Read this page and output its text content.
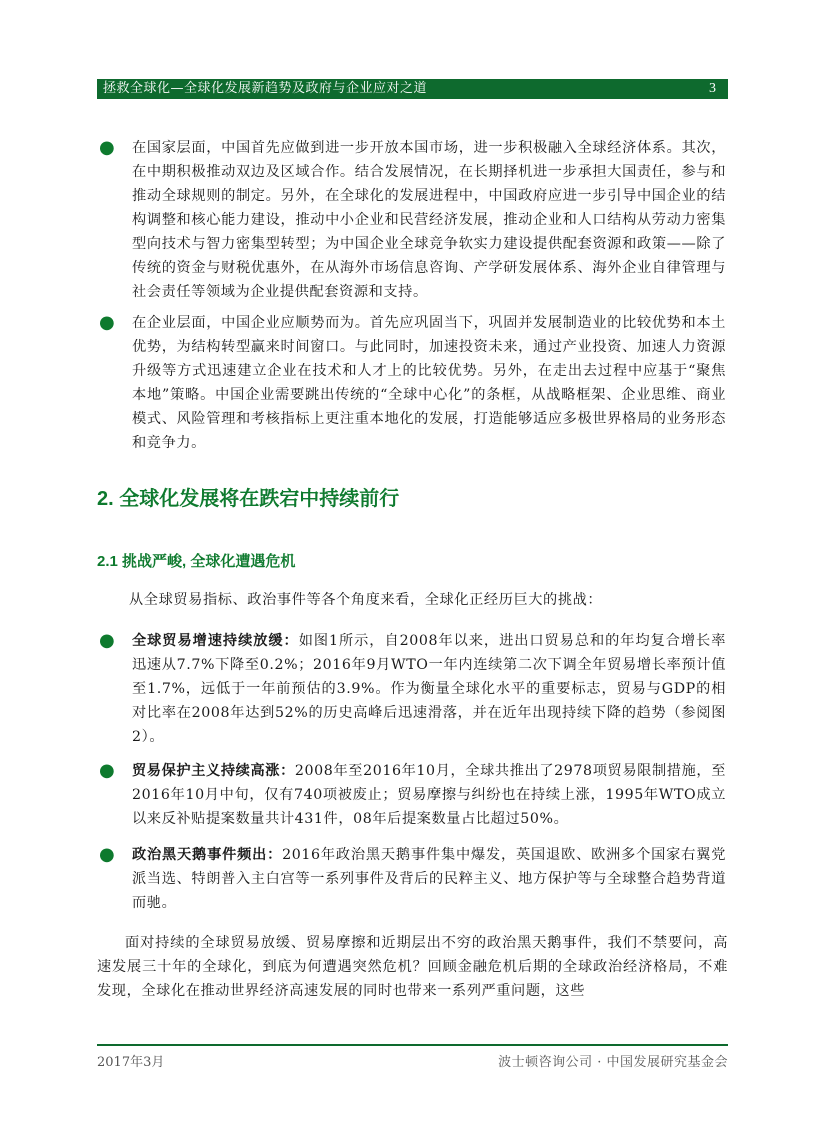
拯救全球化—全球化发展新趋势及政府与企业应对之道	3
● 在国家层面，中国首先应做到进一步开放本国市场，进一步积极融入全球经济体系。其次，在中期积极推动双边及区域合作。结合发展情况，在长期择机进一步承担大国责任，参与和推动全球规则的制定。另外，在全球化的发展进程中，中国政府应进一步引导中国企业的结构调整和核心能力建设，推动中小企业和民营经济发展，推动企业和人口结构从劳动力密集型向技术与智力密集型转型；为中国企业全球竞争软实力建设提供配套资源和政策——除了传统的资金与财税优惠外，在从海外市场信息咨询、产学研发展体系、海外企业自律管理与社会责任等领域为企业提供配套资源和支持。
● 在企业层面，中国企业应顺势而为。首先应巩固当下，巩固并发展制造业的比较优势和本土优势，为结构转型赢来时间窗口。与此同时，加速投资未来，通过产业投资、加速人力资源升级等方式迅速建立企业在技术和人才上的比较优势。另外，在走出去过程中应基于“聚焦本地”策略。中国企业需要跳出传统的“全球中心化”的条框，从战略框架、企业思维、商业模式、风险管理和考核指标上更注重本地化的发展，打造能够适应多极世界格局的业务形态和竞争力。
2. 全球化发展将在跌宕中持续前行
2.1 挑战严峻, 全球化遭遇危机
从全球贸易指标、政治事件等各个角度来看，全球化正经历巨大的挑战：
● 全球贸易增速持续放缓：如图1所示，自2008年以来，进出口贸易总和的年均复合增长率迅速从7.7%下降至0.2%；2016年9月WTO一年内连续第二次下调全年贸易增长率预计值至1.7%，远低于一年前预估的3.9%。作为衡量全球化水平的重要标志，贸易与GDP的相对比率在2008年达到52%的历史高峰后迅速滑落，并在近年出现持续下降的趋势（参阅图2）。
● 贸易保护主义持续高涨：2008年至2016年10月，全球共推出了2978项贸易限制措施，至2016年10月中旬，仅有740项被废止；贸易摩擦与纠纷也在持续上涨，1995年WTO成立以来反补贴提案数量共计431件，08年后提案数量占比超过50%。
● 政治黑天鹅事件频出：2016年政治黑天鹅事件集中爆发，英国退欧、欧洲多个国家右翼党派当选、特朗普入主白宫等一系列事件及背后的民粹主义、地方保护等与全球整合趋势背道而驰。
面对持续的全球贸易放缓、贸易摩擦和近期层出不穷的政治黑天鹅事件，我们不禁要问，高速发展三十年的全球化，到底为何遭遇突然危机？回顾金融危机后期的全球政治经济格局，不难发现，全球化在推动世界经济高速发展的同时也带来一系列严重问题，这些
2017年3月	波士顿咨询公司 · 中国发展研究基金会
